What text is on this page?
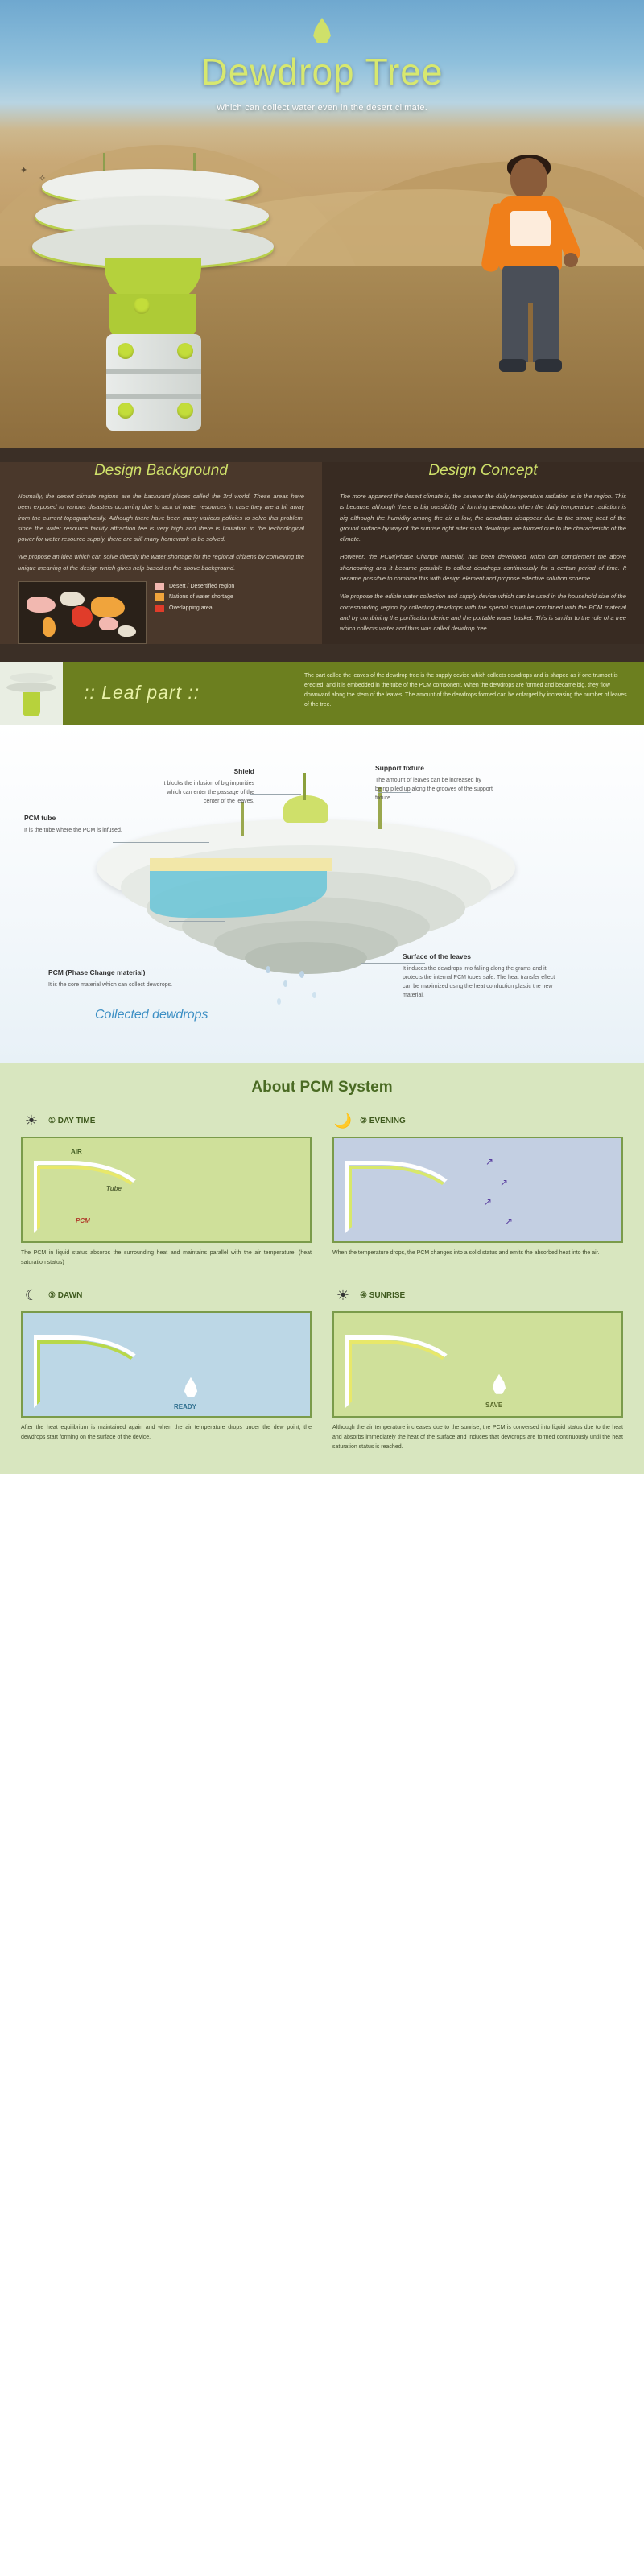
✦
✧
Dewdrop Tree
Which can collect water even in the desert climate.
Design Background

Normally, the desert climate regions are the backward places called the 3rd world. These areas have been exposed to various disasters occurring due to lack of water resources in case they are a bit away from the current topographically. Although there have been many various policies to solve this problem, since the water resource facility attraction fee is very high and there is limitation in the technological power for water resource supply, there are still many homework to be solved.

We propose an idea which can solve directly the water shortage for the regional citizens by conveying the unique meaning of the design which gives help based on the above background.

Desert / Desertified region
Nations of water shortage
Overlapping area
Design Concept

The more apparent the desert climate is, the severer the daily temperature radiation is in the region. This is because although there is big possibility of forming dewdrops when the daily temperature radiation is big although the humidity among the air is low, the dewdrops disappear due to the strong heat of the ground surface by way of the sunrise right after such dewdrops are formed due to the characteristic of the climate.

However, the PCM(Phase Change Material) has been developed which can complement the above shortcoming and it became possible to collect dewdrops continuously for a certain period of time. It became possible to combine this with design element and propose effective solution scheme.

We propose the edible water collection and supply device which can be used in the household size of the corresponding region by collecting dewdrops with the special structure combined with the PCM material and by combining the purification device and the portable water basket. This is similar to the role of a tree which collects water and thus was called dewdrop tree.

:: Leaf part ::
The part called the leaves of the dewdrop tree is the supply device which collects dewdrops and is shaped as if one trumpet is erected, and it is embedded in the tube of the PCM component. When the dewdrops are formed and became big, they flow downward along the stem of the leaves. The amount of the dewdrops formed can be enlarged by increasing the number of leaves of the tree.
Shield
It blocks the infusion of big impurities which can enter the passage of the center of the leaves.
Support fixture
The amount of leaves can be increased by being piled up along the grooves of the support fixture.
PCM tube
It is the tube where the PCM is infused.
PCM (Phase Change material)
It is the core material which can collect dewdrops.
Surface of the leaves
It induces the dewdrops into falling along the grams and it protects the internal PCM tubes safe. The heat transfer effect can be maximized using the heat conduction plastic the new material.
Collected dewdrops
About PCM System
☀	① DAY TIME
AIR
Tube
PCM

The PCM in liquid status absorbs the surrounding heat and maintains parallel with the air temperature. (heat saturation status)

🌙 ② EVENING
↗
↗
↗
↗

When the temperature drops, the PCM changes into a solid status and emits the absorbed heat into the air.

☾	③ DAWN
READY

After the heat equilibrium is maintained again and when the air temperature drops under the dew point, the dewdrops start forming on the surface of the device.

☀	④ SUNRISE
SAVE

Although the air temperature increases due to the sunrise, the PCM is conversed into liquid status due to the heat and absorbs immediately the heat of the surface and induces that dewdrops are formed continuously until the heat saturation status is reached.
